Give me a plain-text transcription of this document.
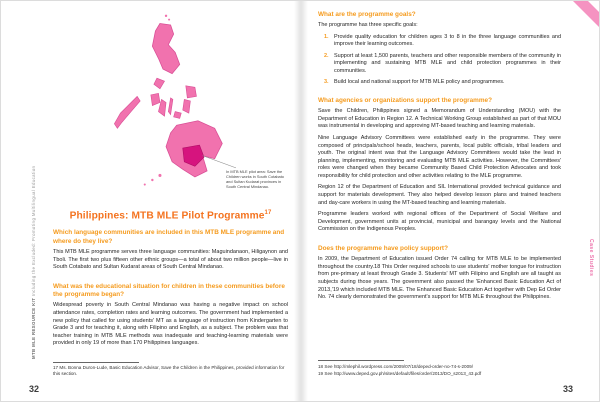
In MTB MLE pilot area: Save the Children works in South Cotabato and Sultan Kudarat provinces in South Central Mindanao.
Philippines: MTB MLE Pilot Programme$^{17}$
Which language communities are included in this MTB MLE programme and where do they live?

This MTB MLE programme serves three language communities: Maguindanaon, Hiligaynon and Tboli. The first two plus fifteen other ethnic groups—a total of about two million people—live in South Cotabato and Sultan Kudarat areas of South Central Mindanao.

What was the educational situation for children in these communities before the programme began?

Widespread poverty in South Central Mindanao was having a negative impact on school attendance rates, completion rates and learning outcomes. The government had implemented a new policy that called for using students' MT as a language of instruction from Kindergarten to Grade 3 and for teaching it, along with Filipino and English, as a subject. The problem was that teacher training in MTB MLE methods was inadequate and teaching-learning materials were provided in only 19 of more than 170 Philippines languages.

17 Ms. Bonna Duron-Lude, Basic Education Advisor, Save the Children in the Philippines, provided information for this section.
What are the programme goals?

The programme has three specific goals:

1. Provide quality education for children ages 3 to 8 in the three language communities and improve their learning outcomes.
2. Support at least 1,500 parents, teachers and other responsible members of the community in implementing and sustaining MTB MLE and child protection programmes in their communities.
3. Build local and national support for MTB MLE policy and programmes.
What agencies or organizations support the programme?

Save the Children, Philippines signed a Memorandum of Understanding (MOU) with the Department of Education in Region 12. A Technical Working Group established as part of that MOU was instrumental in developing and approving MT-based teaching and learning materials.

Nine Language Advisory Committees were established early in the programme. They were composed of principals/school heads, teachers, parents, local public officials, tribal leaders and youth. The original intent was that the Language Advisory Committees would take the lead in planning, implementing, monitoring and evaluating MTB MLE activities. However, the Committees' roles were changed when they became Community Based Child Protection Advocates and took responsibility for child protection and other activities relating to the MLE programme.

Region 12 of the Department of Education and SIL International provided technical guidance and support for materials development. They also helped develop lesson plans and trained teachers and day-care workers in using the MT-based teaching and learning materials.

Programme leaders worked with regional offices of the Department of Social Welfare and Development, government units at provincial, municipal and barangay levels and the National Commission on the Indigenous Peoples.

Does the programme have policy support?

In 2009, the Department of Education issued Order 74 calling for MTB MLE to be implemented throughout the country.18 This Order required schools to use students' mother tongue for instruction from pre-primary at least through Grade 3. Students' MT with Filipino and English are all taught as subjects during those years. The government also passed the 'Enhanced Basic Education Act of 2013,'19 which included MTB MLE. The Enhanced Basic Education Act together with Dep Ed Order No. 74 clearly demonstrated the government's support for MTB MLE throughout the Philippines.

18 See http://mlephil.wordpress.com/2009/07/18/deped-order-no-74-s-2009/
19 See http://www.deped.gov.ph/sites/default/files/order/2013/DO_s2013_43.pdf
MTB MLE RESOURCE KIT Including the Excluded: Promoting Multilingual Education	Case Studies
32	33
